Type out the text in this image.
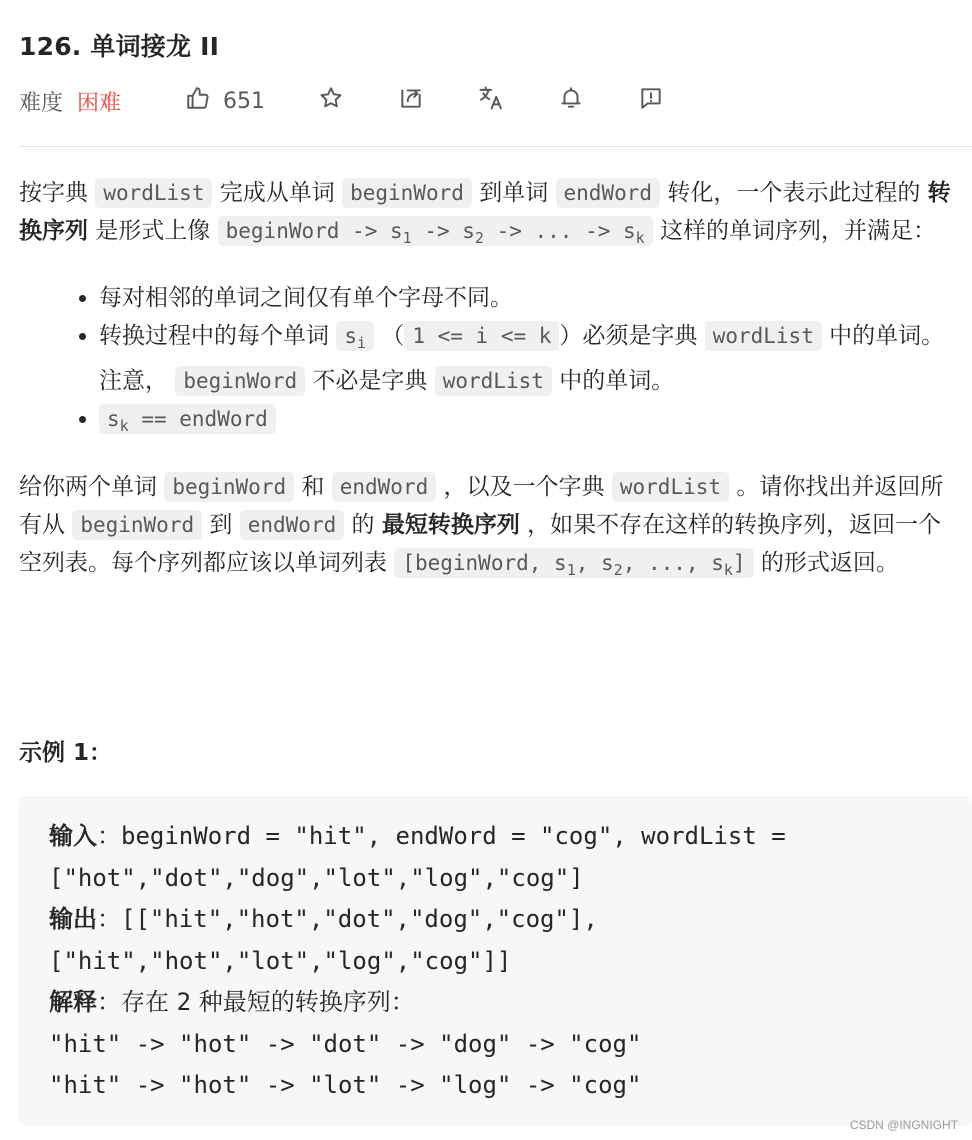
126. 单词接龙 II
难度 困难	651

按字典 wordList 完成从单词 beginWord 到单词 endWord 转化，一个表示此过程的 转换序列 是形式上像 beginWord -> $s_1 -> s_2$ -> ... -> $s_k$ 这样的单词序列，并满足：

• 每对相邻的单词之间仅有单个字母不同。
• 转换过程中的每个单词 $s_i$ （ 1 <= i <= k ）必须是字典 wordList 中的单词。注意， beginWord 不必是字典 wordList 中的单词。
• $s_k$ == endWord

给你两个单词 beginWord 和 endWord ，以及一个字典 wordList 。请你找出并返回所有从 beginWord 到 endWord 的 最短转换序列 ，如果不存在这样的转换序列，返回一个空列表。每个序列都应该以单词列表 [beginWord, $s_1$, $s_2$, ..., $s_k$] 的形式返回。

示例 1：
输入：beginWord = "hit", endWord = "cog", wordList =
["hot","dot","dog","lot","log","cog"]
输出：[["hit","hot","dot","dog","cog"],
["hit","hot","lot","log","cog"]]
解释：存在 2 种最短的转换序列：
"hit" -> "hot" -> "dot" -> "dog" -> "cog"
"hit" -> "hot" -> "lot" -> "log" -> "cog"
CSDN @INGNIGHT
